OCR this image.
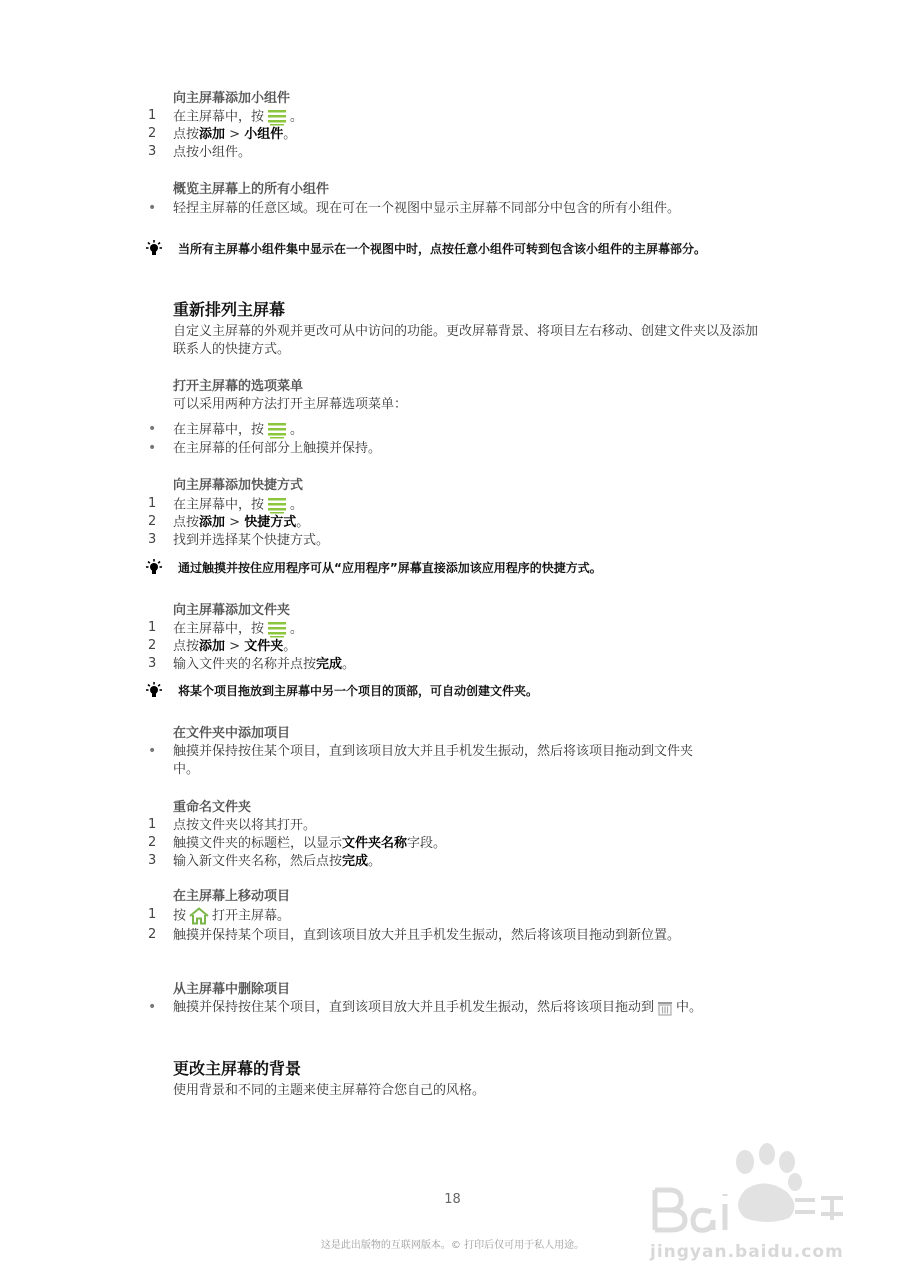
向主屏幕添加小组件
1	在主屏幕中，按 。
2	点按添加 > 小组件。
3	点按小组件。
概览主屏幕上的所有小组件
•	轻捏主屏幕的任意区域。现在可在一个视图中显示主屏幕不同部分中包含的所有小组件。
当所有主屏幕小组件集中显示在一个视图中时，点按任意小组件可转到包含该小组件的主屏幕部分。
重新排列主屏幕
自定义主屏幕的外观并更改可从中访问的功能。更改屏幕背景、将项目左右移动、创建文件夹以及添加联系人的快捷方式。
打开主屏幕的选项菜单
可以采用两种方法打开主屏幕选项菜单：
•	在主屏幕中，按 。
•	在主屏幕的任何部分上触摸并保持。
向主屏幕添加快捷方式
1	在主屏幕中，按 。
2	点按添加 > 快捷方式。
3	找到并选择某个快捷方式。
通过触摸并按住应用程序可从“应用程序”屏幕直接添加该应用程序的快捷方式。
向主屏幕添加文件夹
1	在主屏幕中，按 。
2	点按添加 > 文件夹。
3	输入文件夹的名称并点按完成。
将某个项目拖放到主屏幕中另一个项目的顶部，可自动创建文件夹。
在文件夹中添加项目
•	触摸并保持按住某个项目，直到该项目放大并且手机发生振动，然后将该项目拖动到文件夹中。
重命名文件夹
1	点按文件夹以将其打开。
2	触摸文件夹的标题栏，以显示文件夹名称字段。
3	输入新文件夹名称，然后点按完成。
在主屏幕上移动项目
1	按 打开主屏幕。
2	触摸并保持某个项目，直到该项目放大并且手机发生振动，然后将该项目拖动到新位置。
从主屏幕中删除项目
•	触摸并保持按住某个项目，直到该项目放大并且手机发生振动，然后将该项目拖动到 中。
更改主屏幕的背景
使用背景和不同的主题来使主屏幕符合您自己的风格。
18
这是此出版物的互联网版本。© 打印后仅可用于私人用途。	jingyan.baidu.com
